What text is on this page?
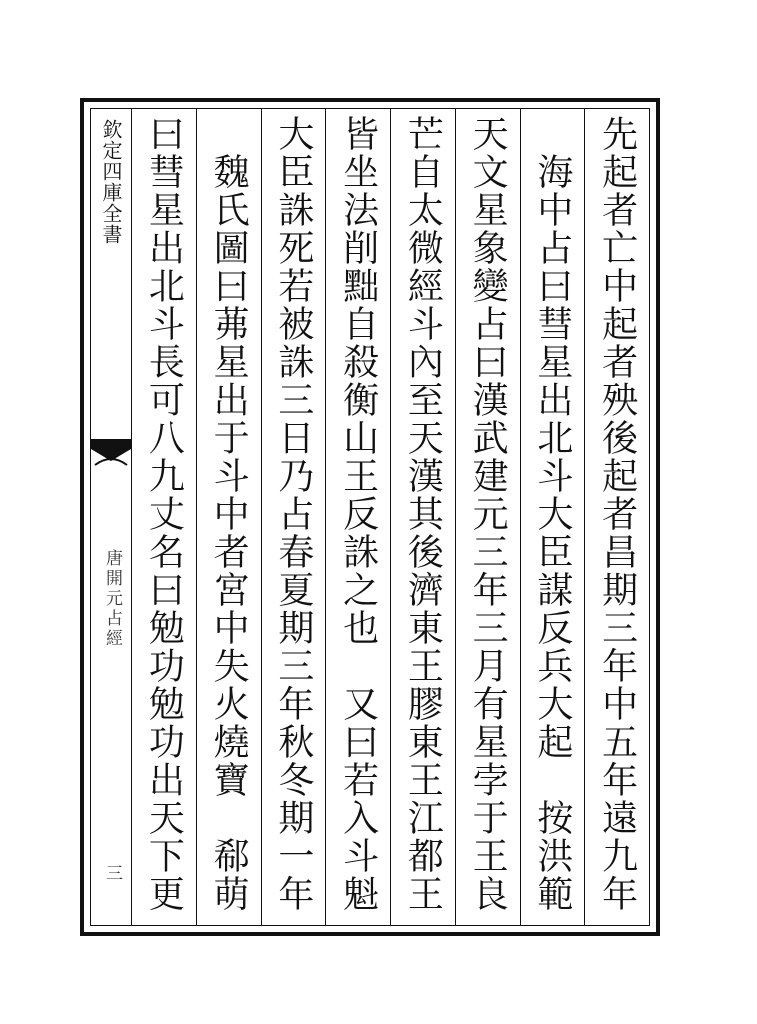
欽定四庫全書
唐開元占經
三	先起者亡中起者殃後起者昌期三年中五年遠九年
　海中占曰彗星出北斗大臣謀反兵大起　按洪範
天文星象變占曰漢武建元三年三月有星孛于王良
芒自太微經斗內至天漢其後濟東王膠東王江都王
皆坐法削黜自殺衡山王反誅之也　又曰若入斗魁
大臣誅死若被誅三日乃占春夏期三年秋冬期一年
　魏氏圖曰茀星出于斗中者宮中失火燒寶　郗萌
曰彗星出北斗長可八九丈名曰勉功勉功出天下更
